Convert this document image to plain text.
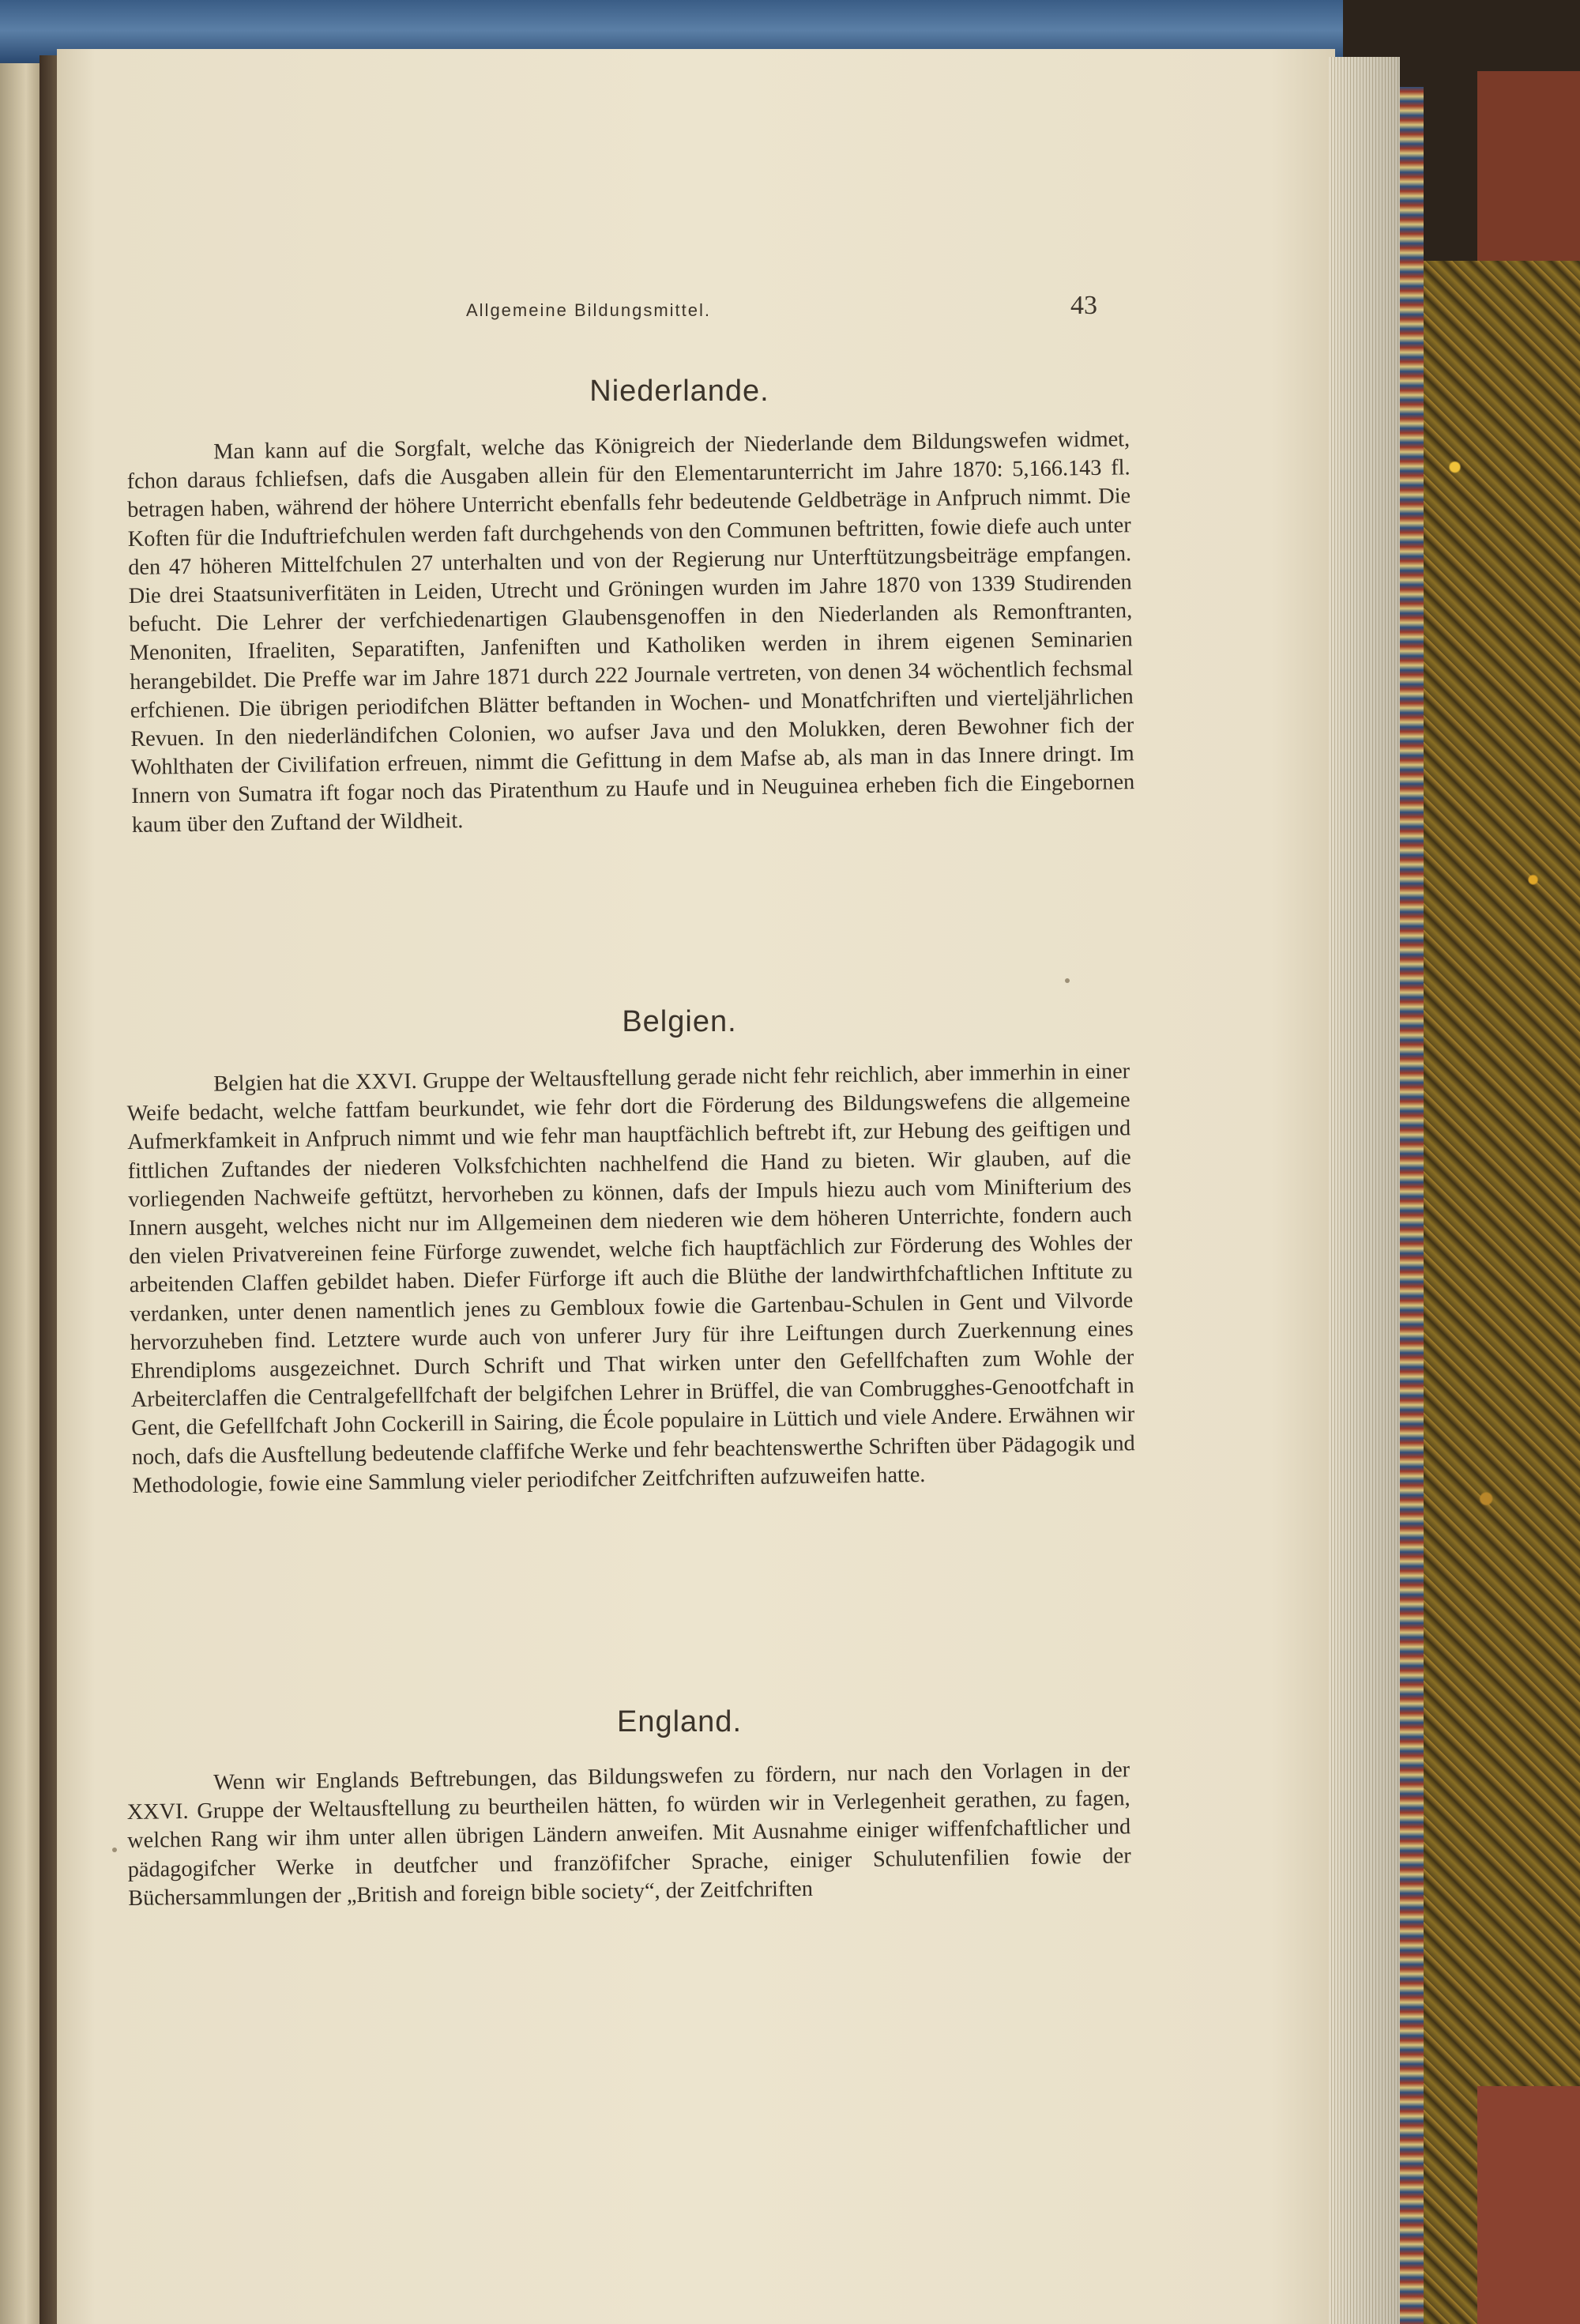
Allgemeine Bildungsmittel.	43
Niederlande.
Man kann auf die Sorgfalt, welche das Königreich der Niederlande dem Bildungswefen widmet, fchon daraus fchliefsen, dafs die Ausgaben allein für den Elementarunterricht im Jahre 1870: 5,166.143 fl. betragen haben, während der höhere Unterricht ebenfalls fehr bedeutende Geldbeträge in Anfpruch nimmt. Die Koften für die Induftriefchulen werden faft durchgehends von den Communen beftritten, fowie diefe auch unter den 47 höheren Mittelfchulen 27 unterhalten und von der Regierung nur Unterftützungsbeiträge empfangen. Die drei Staatsuniverfitäten in Leiden, Utrecht und Gröningen wurden im Jahre 1870 von 1339 Studirenden befucht. Die Lehrer der verfchiedenartigen Glaubensgenoffen in den Niederlanden als Remonftranten, Menoniten, Ifraeliten, Separatiften, Janfeniften und Katholiken werden in ihrem eigenen Seminarien herangebildet. Die Preffe war im Jahre 1871 durch 222 Journale vertreten, von denen 34 wöchentlich fechsmal erfchienen. Die übrigen periodifchen Blätter beftanden in Wochen- und Monatfchriften und vierteljährlichen Revuen. In den niederländifchen Colonien, wo aufser Java und den Molukken, deren Bewohner fich der Wohlthaten der Civilifation erfreuen, nimmt die Gefittung in dem Mafse ab, als man in das Innere dringt. Im Innern von Sumatra ift fogar noch das Piratenthum zu Haufe und in Neuguinea erheben fich die Eingebornen kaum über den Zuftand der Wildheit.
Belgien.
Belgien hat die XXVI. Gruppe der Weltausftellung gerade nicht fehr reichlich, aber immerhin in einer Weife bedacht, welche fattfam beurkundet, wie fehr dort die Förderung des Bildungswefens die allgemeine Aufmerkfamkeit in Anfpruch nimmt und wie fehr man hauptfächlich beftrebt ift, zur Hebung des geiftigen und fittlichen Zuftandes der niederen Volksfchichten nachhelfend die Hand zu bieten. Wir glauben, auf die vorliegenden Nachweife geftützt, hervorheben zu können, dafs der Impuls hiezu auch vom Minifterium des Innern ausgeht, welches nicht nur im Allgemeinen dem niederen wie dem höheren Unterrichte, fondern auch den vielen Privatvereinen feine Fürforge zuwendet, welche fich hauptfächlich zur Förderung des Wohles der arbeitenden Claffen gebildet haben. Diefer Fürforge ift auch die Blüthe der landwirthfchaftlichen Inftitute zu verdanken, unter denen namentlich jenes zu Gembloux fowie die Gartenbau-Schulen in Gent und Vilvorde hervorzuheben find. Letztere wurde auch von unferer Jury für ihre Leiftungen durch Zuerkennung eines Ehrendiploms ausgezeichnet. Durch Schrift und That wirken unter den Gefellfchaften zum Wohle der Arbeiterclaffen die Centralgefellfchaft der belgifchen Lehrer in Brüffel, die van Combrugghes-Genootfchaft in Gent, die Gefellfchaft John Cockerill in Sairing, die École populaire in Lüttich und viele Andere. Erwähnen wir noch, dafs die Ausftellung bedeutende claffifche Werke und fehr beachtenswerthe Schriften über Pädagogik und Methodologie, fowie eine Sammlung vieler periodifcher Zeitfchriften aufzuweifen hatte.
England.
Wenn wir Englands Beftrebungen, das Bildungswefen zu fördern, nur nach den Vorlagen in der XXVI. Gruppe der Weltausftellung zu beurtheilen hätten, fo würden wir in Verlegenheit gerathen, zu fagen, welchen Rang wir ihm unter allen übrigen Ländern anweifen. Mit Ausnahme einiger wiffenfchaftlicher und pädagogifcher Werke in deutfcher und franzöfifcher Sprache, einiger Schulutenfilien fowie der Büchersammlungen der „British and foreign bible society“, der Zeitfchriften
